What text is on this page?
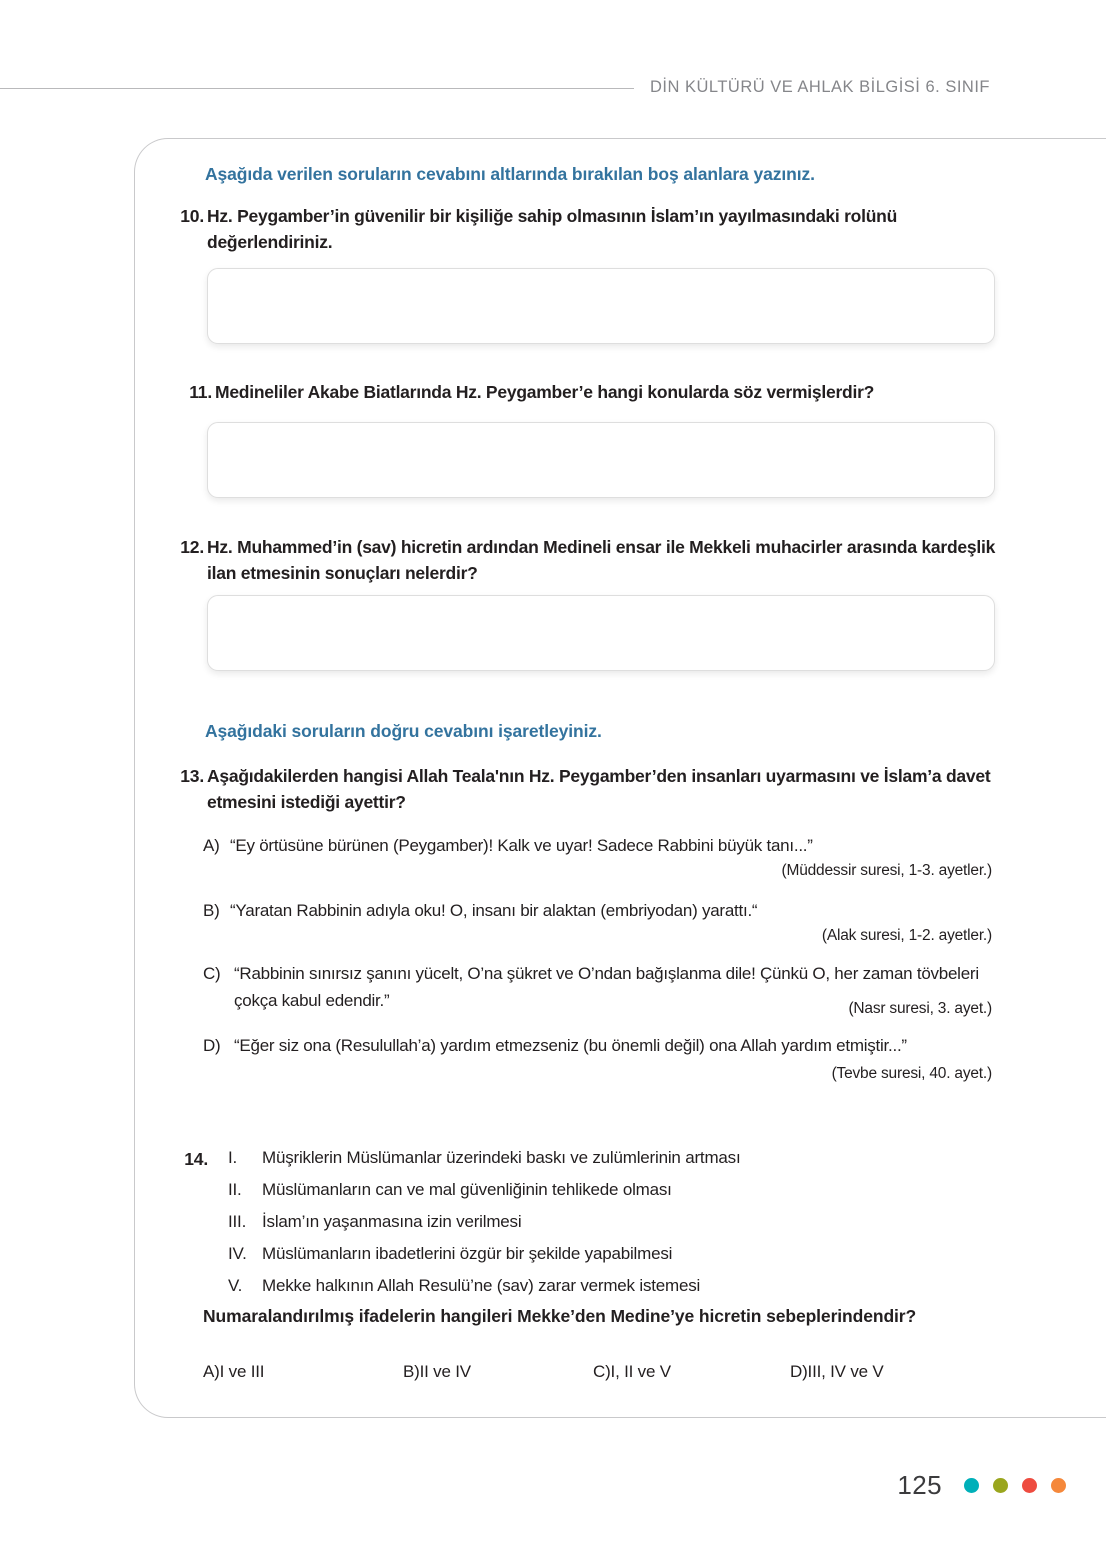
DİN KÜLTÜRÜ VE AHLAK BİLGİSİ 6. SINIF
Aşağıda verilen soruların cevabını altlarında bırakılan boş alanlara yazınız.
10. Hz. Peygamber’in güvenilir bir kişiliğe sahip olmasının İslam’ın yayılmasındaki rolünü değerlendiriniz.
11. Medineliler Akabe Biatlarında Hz. Peygamber’e hangi konularda söz vermişlerdir?
12. Hz. Muhammed’in (sav) hicretin ardından Medineli ensar ile Mekkeli muhacirler arasında kardeşlik ilan etmesinin sonuçları nelerdir?
Aşağıdaki soruların doğru cevabını işaretleyiniz.
13. Aşağıdakilerden hangisi Allah Teala'nın Hz. Peygamber’den insanları uyarmasını ve İslam’a davet etmesini istediği ayettir?
A) “Ey örtüsüne bürünen (Peygamber)! Kalk ve uyar! Sadece Rabbini büyük tanı...”
(Müddessir suresi, 1-3. ayetler.)
B) “Yaratan Rabbinin adıyla oku! O, insanı bir alaktan (embriyodan) yarattı.“
(Alak suresi, 1-2. ayetler.)
C) “Rabbinin sınırsız şanını yücelt, O’na şükret ve O’ndan bağışlanma dile! Çünkü O, her zaman tövbeleri çokça kabul edendir.”	(Nasr suresi, 3. ayet.)
D) “Eğer siz ona (Resulullah’a) yardım etmezseniz (bu önemli değil) ona Allah yardım etmiştir...”
(Tevbe suresi, 40. ayet.)
14. I.	Müşriklerin Müslümanlar üzerindeki baskı ve zulümlerinin artması
II.	Müslümanların can ve mal güvenliğinin tehlikede olması
III. İslam’ın yaşanmasına izin verilmesi
IV. Müslümanların ibadetlerini özgür bir şekilde yapabilmesi
V.	Mekke halkının Allah Resulü’ne (sav) zarar vermek istemesi
Numaralandırılmış ifadelerin hangileri Mekke’den Medine’ye hicretin sebeplerindendir?
A)I ve III	B)II ve IV	C)I, II ve V	D)III, IV ve V
125
